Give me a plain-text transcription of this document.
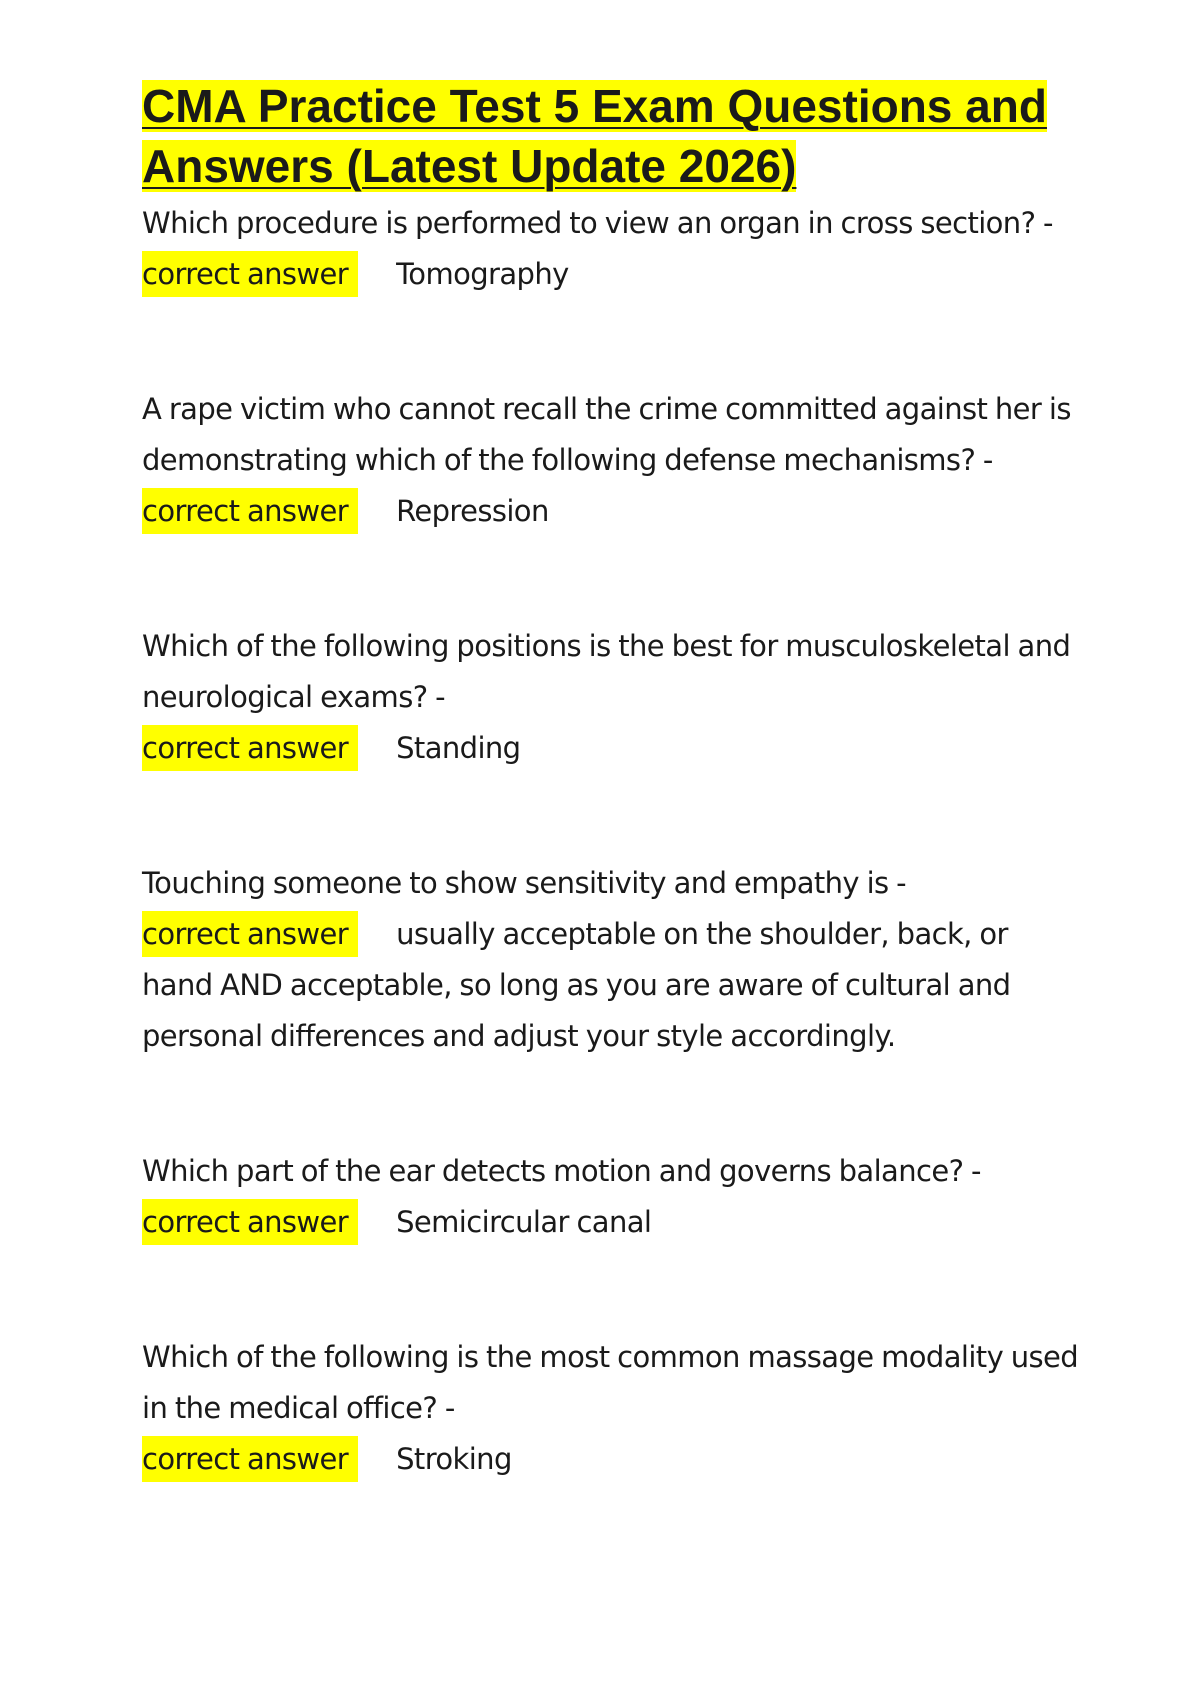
CMA Practice Test 5 Exam Questions and Answers (Latest Update 2026)
Which procedure is performed to view an organ in cross section? -
correct answer Tomography
A rape victim who cannot recall the crime committed against her is demonstrating which of the following defense mechanisms? -
correct answer Repression
Which of the following positions is the best for musculoskeletal and neurological exams? -
correct answer Standing
Touching someone to show sensitivity and empathy is -
correct answer usually acceptable on the shoulder, back, or hand AND acceptable, so long as you are aware of cultural and personal differences and adjust your style accordingly.
Which part of the ear detects motion and governs balance? -
correct answer Semicircular canal
Which of the following is the most common massage modality used in the medical office? -
correct answer Stroking
